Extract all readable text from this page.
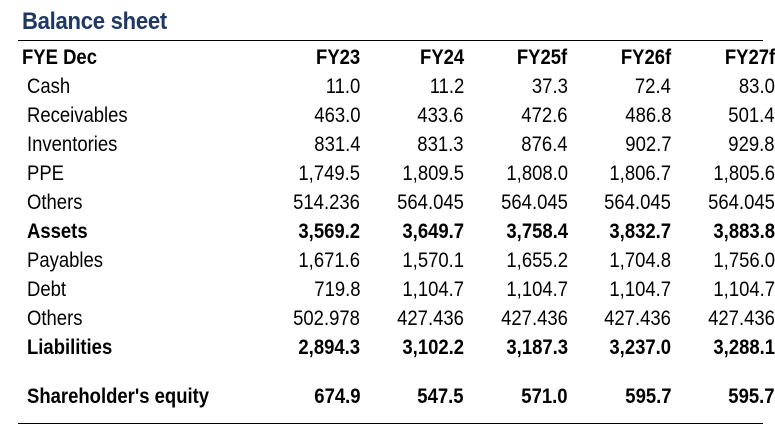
Balance sheet
FYE Dec	FY23	FY24	FY25f	FY26f	FY27f
Cash	11.0	11.2	37.3	72.4	83.0
Receivables	463.0	433.6	472.6	486.8	501.4
Inventories	831.4	831.3	876.4	902.7	929.8
PPE	1,749.5	1,809.5	1,808.0	1,806.7	1,805.6
Others	514.236	564.045	564.045	564.045	564.045
Assets	3,569.2	3,649.7	3,758.4	3,832.7	3,883.8
Payables	1,671.6	1,570.1	1,655.2	1,704.8	1,756.0
Debt	719.8	1,104.7	1,104.7	1,104.7	1,104.7
Others	502.978	427.436	427.436	427.436	427.436
Liabilities	2,894.3	3,102.2	3,187.3	3,237.0	3,288.1

Shareholder's equity	674.9	547.5	571.0	595.7	595.7
